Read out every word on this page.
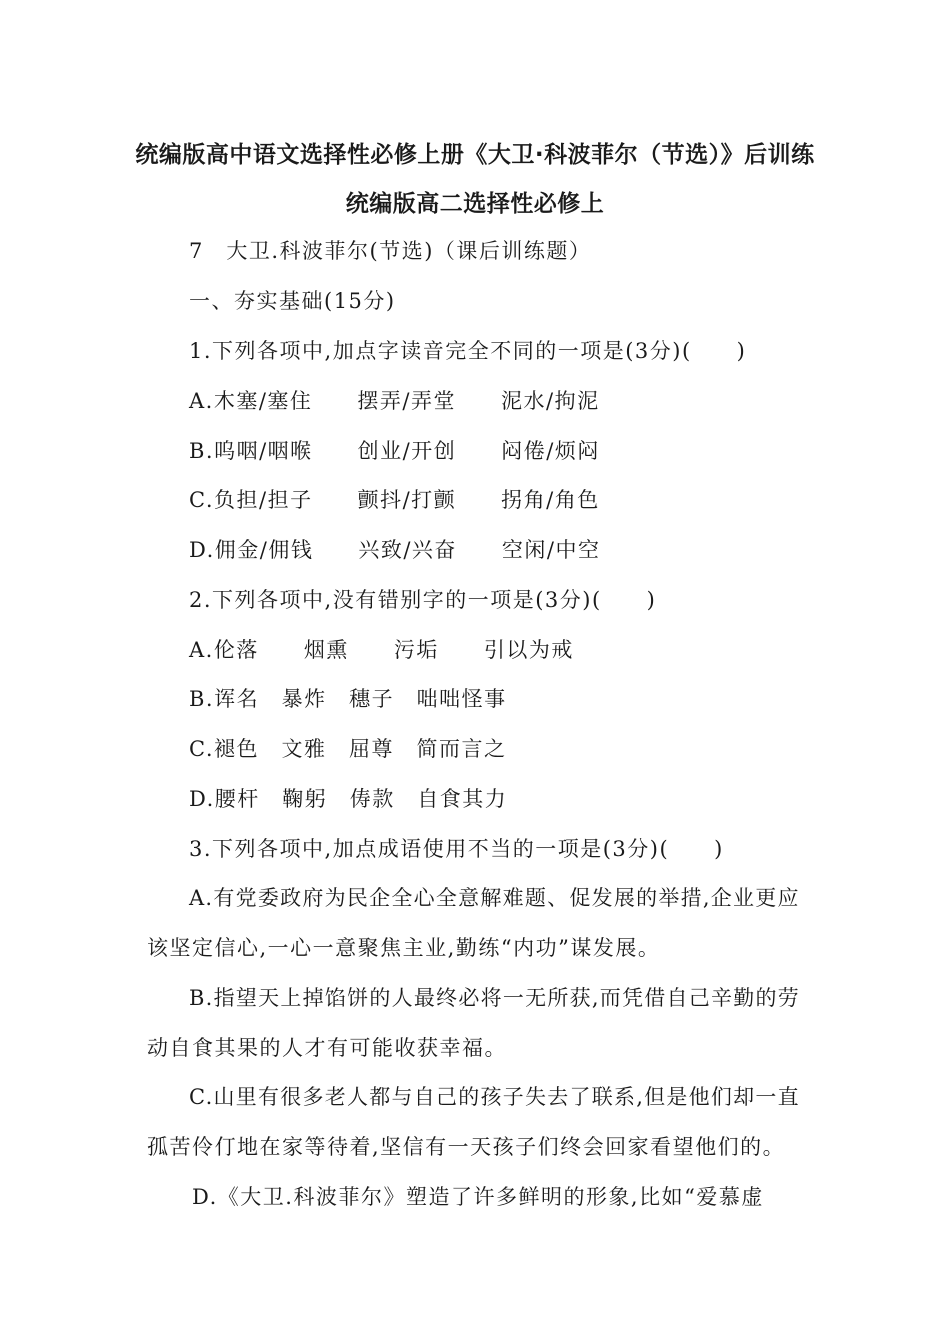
统编版高中语文选择性必修上册《大卫·科波菲尔（节选）》后训练
统编版高二选择性必修上
7　大卫.科波菲尔(节选)（课后训练题）
一、夯实基础(15分)
1.下列各项中,加点字读音完全不同的一项是(3分)(　　)
A.木塞/塞住　　摆弄/弄堂　　泥水/拘泥
B.呜咽/咽喉　　创业/开创　　闷倦/烦闷
C.负担/担子　　颤抖/打颤　　拐角/角色
D.佣金/佣钱　　兴致/兴奋　　空闲/中空
2.下列各项中,没有错别字的一项是(3分)(　　)
A.伦落　　烟熏　　污垢　　引以为戒
B.诨名　暴炸　穗子　咄咄怪事
C.褪色　文雅　屈尊　简而言之
D.腰杆　鞠躬　俦款　自食其力
3.下列各项中,加点成语使用不当的一项是(3分)(　　)
A.有党委政府为民企全心全意解难题、促发展的举措,企业更应
该坚定信心,一心一意聚焦主业,勤练“内功”谋发展。
B.指望天上掉馅饼的人最终必将一无所获,而凭借自己辛勤的劳
动自食其果的人才有可能收获幸福。
C.山里有很多老人都与自己的孩子失去了联系,但是他们却一直
孤苦伶仃地在家等待着,坚信有一天孩子们终会回家看望他们的。
D.《大卫.科波菲尔》塑造了许多鲜明的形象,比如“爱慕虚
